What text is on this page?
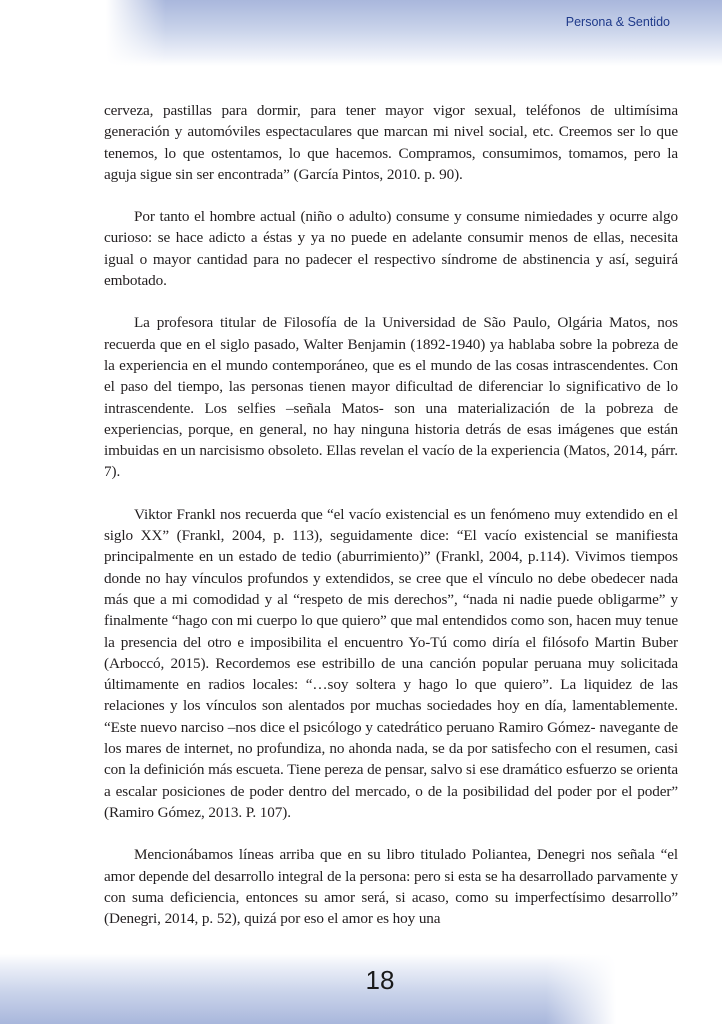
Persona & Sentido

cerveza, pastillas para dormir, para tener mayor vigor sexual, teléfonos de ultimísima generación y automóviles espectaculares que marcan mi nivel social, etc. Creemos ser lo que tenemos, lo que ostentamos, lo que hacemos. Compramos, consumimos, tomamos, pero la aguja sigue sin ser encontrada” (García Pintos, 2010. p. 90).

Por tanto el hombre actual (niño o adulto) consume y consume nimiedades y ocurre algo curioso: se hace adicto a éstas y ya no puede en adelante consumir menos de ellas, necesita igual o mayor cantidad para no padecer el respectivo síndrome de abstinencia y así, seguirá embotado.

La profesora titular de Filosofía de la Universidad de São Paulo, Olgária Matos, nos recuerda que en el siglo pasado, Walter Benjamin (1892-1940) ya hablaba sobre la pobreza de la experiencia en el mundo contemporáneo, que es el mundo de las cosas intrascendentes. Con el paso del tiempo, las personas tienen mayor dificultad de diferenciar lo significativo de lo intrascendente. Los selfies –señala Matos- son una materialización de la pobreza de experiencias, porque, en general, no hay ninguna historia detrás de esas imágenes que están imbuidas en un narcisismo obsoleto. Ellas revelan el vacío de la experiencia (Matos, 2014, párr. 7).

Viktor Frankl nos recuerda que “el vacío existencial es un fenómeno muy extendido en el siglo XX” (Frankl, 2004, p. 113), seguidamente dice: “El vacío existencial se manifiesta principalmente en un estado de tedio (aburrimiento)” (Frankl, 2004, p.114). Vivimos tiempos donde no hay vínculos profundos y extendidos, se cree que el vínculo no debe obedecer nada más que a mi comodidad y al “respeto de mis derechos”, “nada ni nadie puede obligarme” y finalmente “hago con mi cuerpo lo que quiero” que mal entendidos como son, hacen muy tenue la presencia del otro e imposibilita el encuentro Yo-Tú como diría el filósofo Martin Buber (Arboccó, 2015). Recordemos ese estribillo de una canción popular peruana muy solicitada últimamente en radios locales: “…soy soltera y hago lo que quiero”. La liquidez de las relaciones y los vínculos son alentados por muchas sociedades hoy en día, lamentablemente. “Este nuevo narciso –nos dice el psicólogo y catedrático peruano Ramiro Gómez- navegante de los mares de internet, no profundiza, no ahonda nada, se da por satisfecho con el resumen, casi con la definición más escueta. Tiene pereza de pensar, salvo si ese dramático esfuerzo se orienta a escalar posiciones de poder dentro del mercado, o de la posibilidad del poder por el poder” (Ramiro Gómez, 2013. P. 107).

Mencionábamos líneas arriba que en su libro titulado Poliantea, Denegri nos señala “el amor depende del desarrollo integral de la persona: pero si esta se ha desarrollado parvamente y con suma deficiencia, entonces su amor será, si acaso, como su imperfectísimo desarrollo” (Denegri, 2014, p. 52), quizá por eso el amor es hoy una

18
